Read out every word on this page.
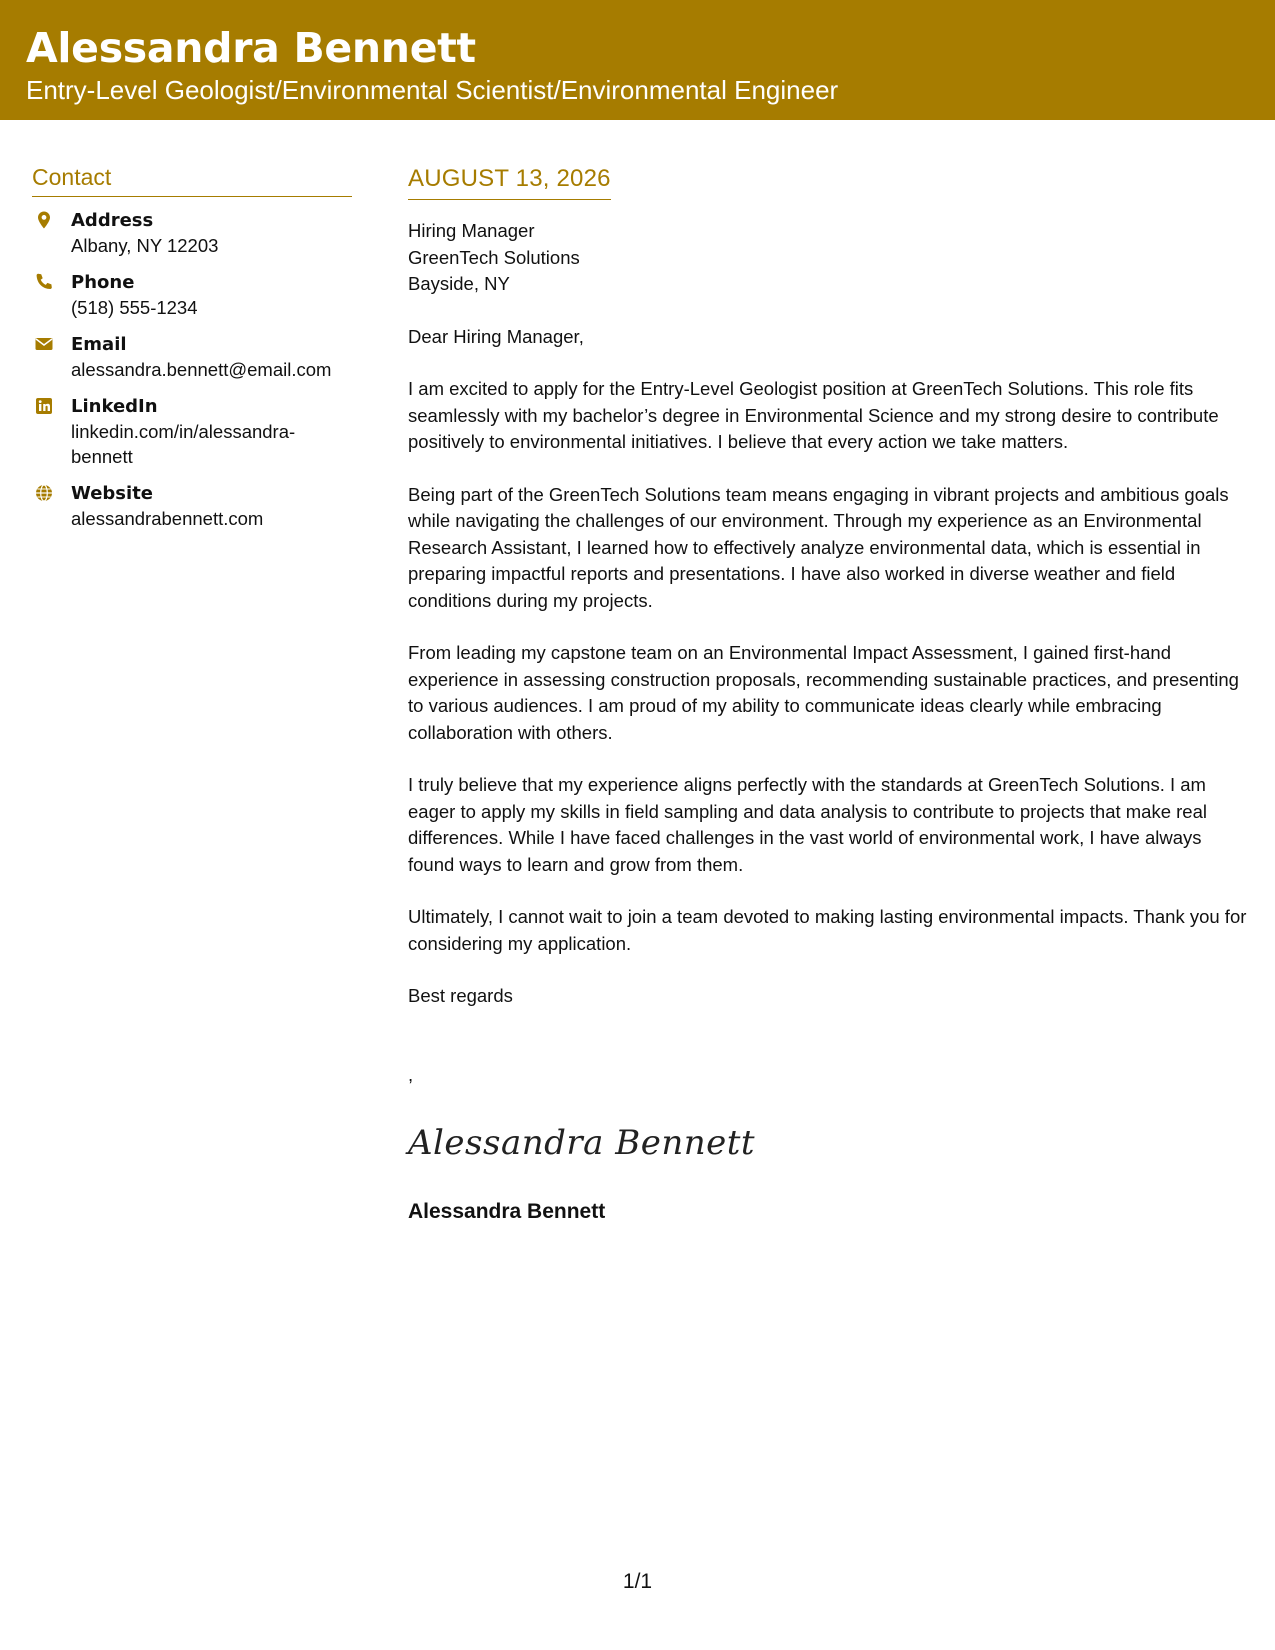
Alessandra Bennett
Entry-Level Geologist/Environmental Scientist/Environmental Engineer
Contact
Address
Albany, NY 12203
Phone
(518) 555-1234
Email
alessandra.bennett@email.com
LinkedIn
linkedin.com/in/alessandra-bennett
Website
alessandrabennett.com
AUGUST 13, 2026
Hiring Manager
GreenTech Solutions
Bayside, NY
Dear Hiring Manager,
I am excited to apply for the Entry-Level Geologist position at GreenTech Solutions. This role fits seamlessly with my bachelor’s degree in Environmental Science and my strong desire to contribute positively to environmental initiatives. I believe that every action we take matters.
Being part of the GreenTech Solutions team means engaging in vibrant projects and ambitious goals while navigating the challenges of our environment. Through my experience as an Environmental Research Assistant, I learned how to effectively analyze environmental data, which is essential in preparing impactful reports and presentations. I have also worked in diverse weather and field conditions during my projects.
From leading my capstone team on an Environmental Impact Assessment, I gained first-hand experience in assessing construction proposals, recommending sustainable practices, and presenting to various audiences. I am proud of my ability to communicate ideas clearly while embracing collaboration with others.
I truly believe that my experience aligns perfectly with the standards at GreenTech Solutions. I am eager to apply my skills in field sampling and data analysis to contribute to projects that make real differences. While I have faced challenges in the vast world of environmental work, I have always found ways to learn and grow from them.
Ultimately, I cannot wait to join a team devoted to making lasting environmental impacts. Thank you for considering my application.
Best regards
,
Alessandra Bennett
Alessandra Bennett
1/1
